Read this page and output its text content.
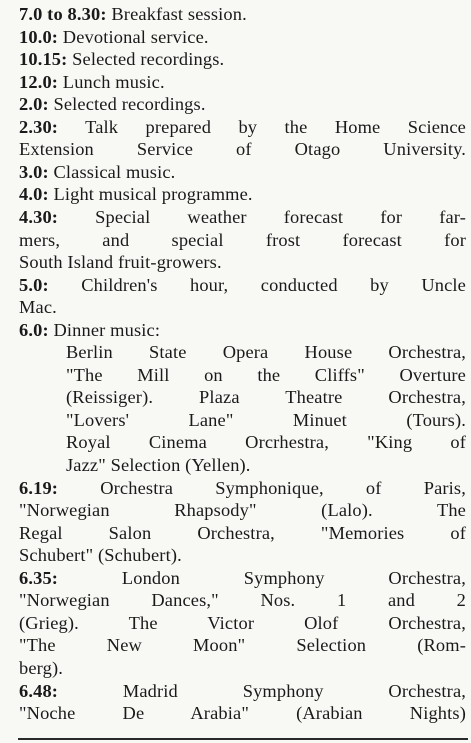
7.0 to 8.30: Breakfast session.
10.0: Devotional service.
10.15: Selected recordings.
12.0: Lunch music.
2.0: Selected recordings.
2.30: Talk prepared by the Home Science
Extension Service of Otago University.
3.0: Classical music.
4.0: Light musical programme.
4.30: Special weather forecast for far-
mers, and special frost forecast for
South Island fruit-growers.
5.0: Children's hour, conducted by Uncle
Mac.
6.0: Dinner music:
Berlin State Opera House Orchestra,
"The Mill on the Cliffs" Overture
(Reissiger). Plaza Theatre Orchestra,
"Lovers' Lane" Minuet (Tours).
Royal Cinema Orcrhestra, "King of
Jazz" Selection (Yellen).
6.19: Orchestra Symphonique, of Paris,
"Norwegian Rhapsody" (Lalo). The
Regal Salon Orchestra, "Memories of
Schubert" (Schubert).
6.35: London Symphony Orchestra,
"Norwegian Dances," Nos. 1 and 2
(Grieg). The Victor Olof Orchestra,
"The New Moon" Selection (Rom-
berg).
6.48: Madrid Symphony Orchestra,
"Noche De Arabia" (Arabian Nights)
